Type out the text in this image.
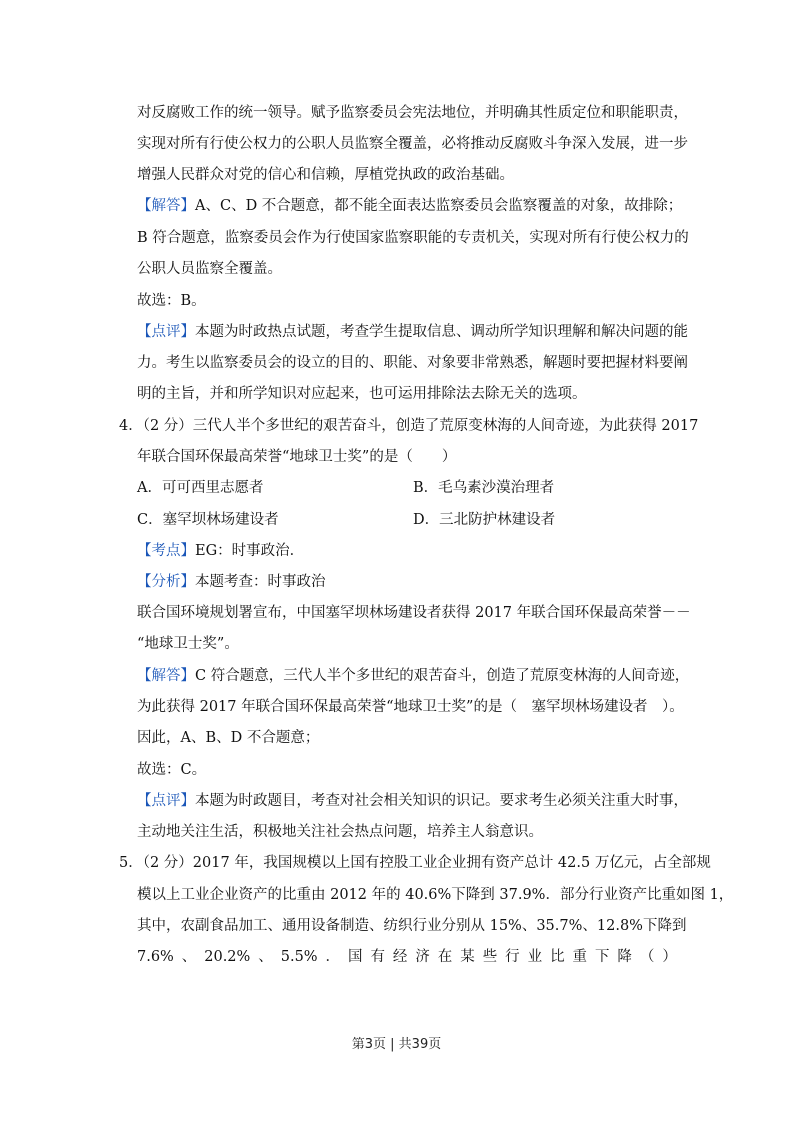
对反腐败工作的统一领导。赋予监察委员会宪法地位，并明确其性质定位和职能职责，
实现对所有行使公权力的公职人员监察全覆盖，必将推动反腐败斗争深入发展，进一步
增强人民群众对党的信心和信赖，厚植党执政的政治基础。
【解答】A、C、D 不合题意，都不能全面表达监察委员会监察覆盖的对象，故排除；
B 符合题意，监察委员会作为行使国家监察职能的专责机关，实现对所有行使公权力的
公职人员监察全覆盖。
故选：B。
【点评】本题为时政热点试题，考查学生提取信息、调动所学知识理解和解决问题的能
力。考生以监察委员会的设立的目的、职能、对象要非常熟悉，解题时要把握材料要阐
明的主旨，并和所学知识对应起来，也可运用排除法去除无关的选项。
4．（2 分）三代人半个多世纪的艰苦奋斗，创造了荒原变林海的人间奇迹，为此获得 2017
年联合国环保最高荣誉“地球卫士奖”的是（　　）
A．可可西里志愿者	B．毛乌素沙漠治理者
C．塞罕坝林场建设者	D．三北防护林建设者
【考点】EG：时事政治．
【分析】本题考查：时事政治
联合国环境规划署宣布，中国塞罕坝林场建设者获得 2017 年联合国环保最高荣誉－－
“地球卫士奖”。
【解答】C 符合题意，三代人半个多世纪的艰苦奋斗，创造了荒原变林海的人间奇迹，
为此获得 2017 年联合国环保最高荣誉“地球卫士奖”的是（　塞罕坝林场建设者　）。
因此，A、B、D 不合题意；
故选：C。
【点评】本题为时政题目，考查对社会相关知识的识记。要求考生必须关注重大时事，
主动地关注生活，积极地关注社会热点问题，培养主人翁意识。
5．（2 分）2017 年，我国规模以上国有控股工业企业拥有资产总计 42.5 万亿元，占全部规
模以上工业企业资产的比重由 2012 年的 40.6%下降到 37.9%．部分行业资产比重如图 1，
其中，农副食品加工、通用设备制造、纺织行业分别从 15%、35.7%、12.8%下降到
7.6% 、 20.2% 、 5.5% ． 国 有 经 济 在 某 些 行 业 比 重 下 降 （ ）
第3页 | 共39页
